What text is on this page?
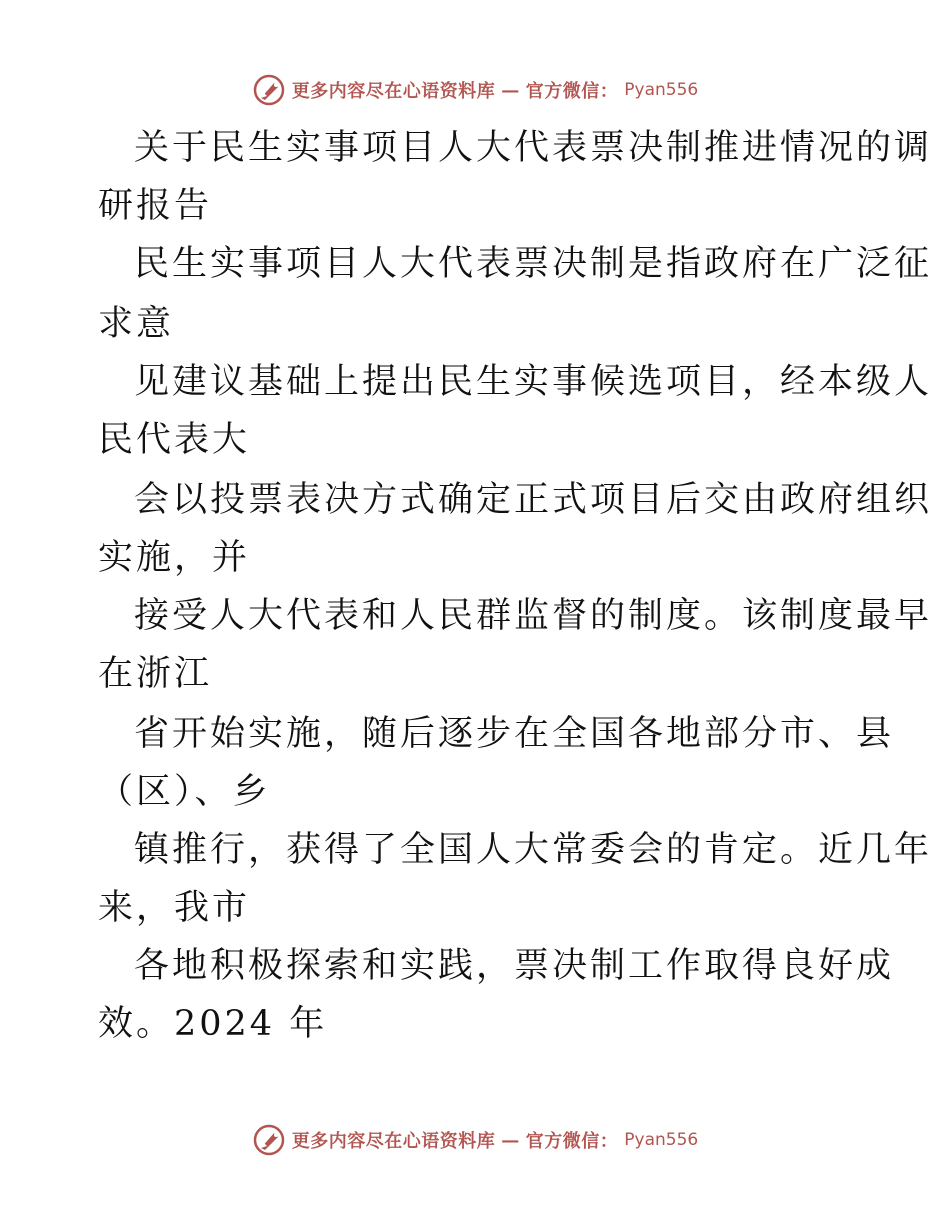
更多内容尽在心语资料库 — 官方微信： Pyan556
关于民生实事项目人大代表票决制推进情况的调
研报告
民生实事项目人大代表票决制是指政府在广泛征
求意
见建议基础上提出民生实事候选项目，经本级人
民代表大
会以投票表决方式确定正式项目后交由政府组织
实施，并
接受人大代表和人民群监督的制度。该制度最早
在浙江
省开始实施，随后逐步在全国各地部分市、县
（区）、乡
镇推行，获得了全国人大常委会的肯定。近几年
来，我市
各地积极探索和实践，票决制工作取得良好成
效。2024 年
更多内容尽在心语资料库 — 官方微信： Pyan556
